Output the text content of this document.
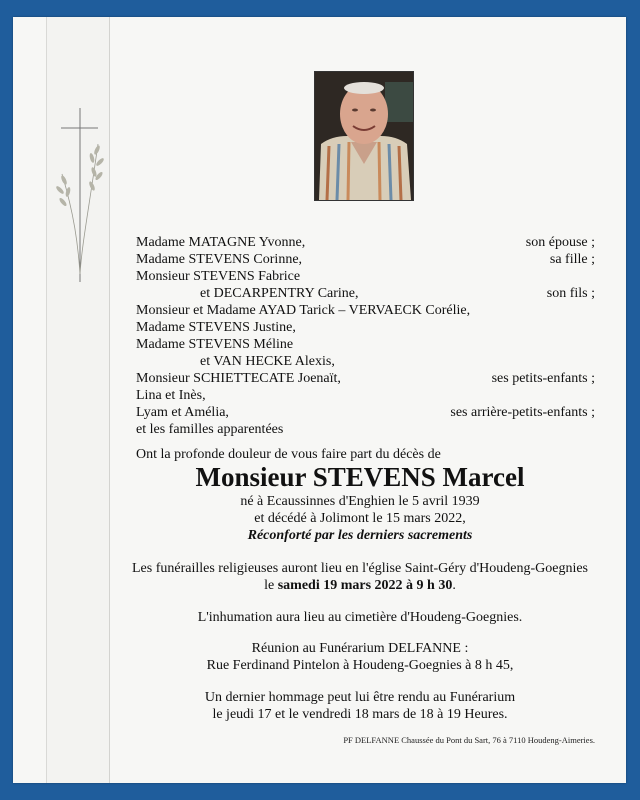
Madame MATAGNE Yvonne,	son épouse ;
Madame STEVENS Corinne,	sa fille ;
Monsieur STEVENS Fabrice
et DECARPENTRY Carine,	son fils ;
Monsieur et Madame AYAD Tarick – VERVAECK Corélie,
Madame STEVENS Justine,
Madame STEVENS Méline
et VAN HECKE Alexis,
Monsieur SCHIETTECATE Joenaït,	ses petits-enfants ;
Lina et Inès,
Lyam et Amélia,	ses arrière-petits-enfants ;
et les familles apparentées
Ont la profonde douleur de vous faire part du décès de
Monsieur STEVENS Marcel
né à Ecaussinnes d'Enghien le 5 avril 1939
et décédé à Jolimont le 15 mars 2022,
Réconforté par les derniers sacrements
Les funérailles religieuses auront lieu en l'église Saint-Géry d'Houdeng-Goegnies
le samedi 19 mars 2022 à 9 h 30.
L'inhumation aura lieu au cimetière d'Houdeng-Goegnies.
Réunion au Funérarium DELFANNE :
Rue Ferdinand Pintelon à Houdeng-Goegnies à 8 h 45,
Un dernier hommage peut lui être rendu au Funérarium
le jeudi 17 et le vendredi 18 mars de 18 à 19 Heures.
PF DELFANNE Chaussée du Pont du Sart, 76 à 7110 Houdeng-Aimeries.
